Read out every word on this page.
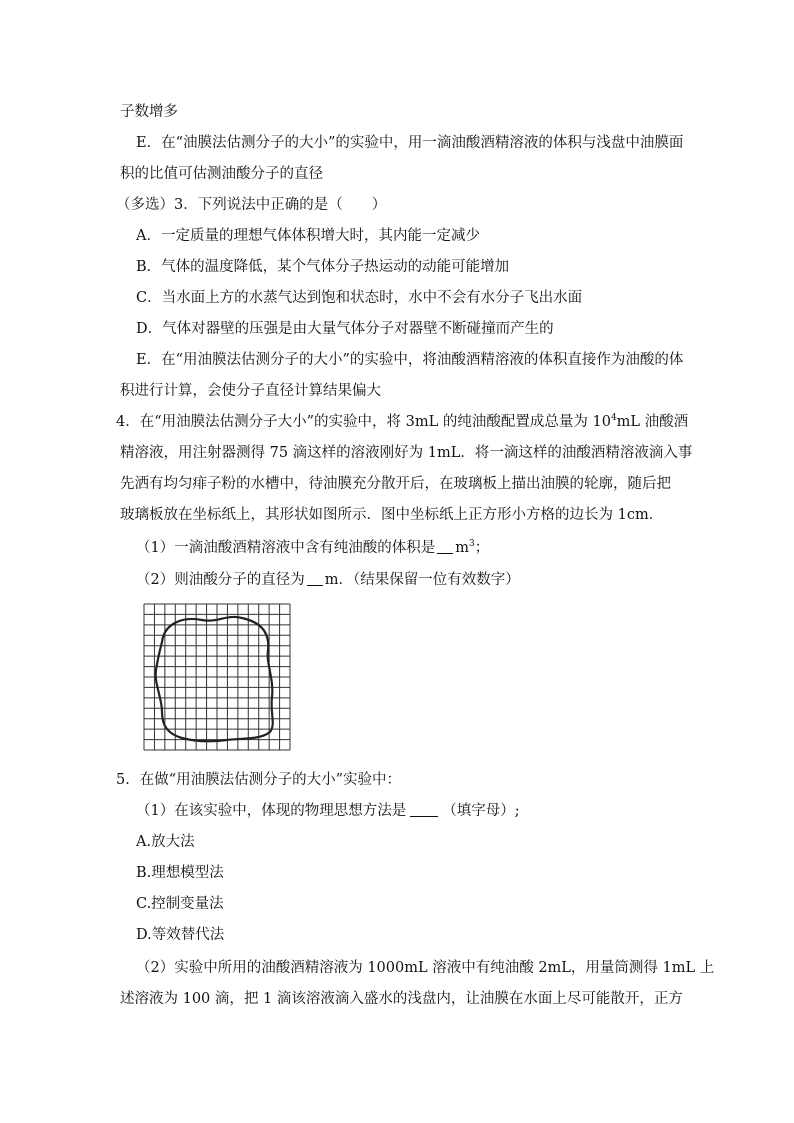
子数增多
E．在“油膜法估测分子的大小”的实验中，用一滴油酸酒精溶液的体积与浅盘中油膜面
积的比值可估测油酸分子的直径
（多选）3．下列说法中正确的是（　　）
A．一定质量的理想气体体积增大时，其内能一定减少
B．气体的温度降低，某个气体分子热运动的动能可能增加
C．当水面上方的水蒸气达到饱和状态时，水中不会有水分子飞出水面
D．气体对器壁的压强是由大量气体分子对器壁不断碰撞而产生的
E．在“用油膜法估测分子的大小”的实验中，将油酸酒精溶液的体积直接作为油酸的体
积进行计算，会使分子直径计算结果偏大
4．在“用油膜法估测分子大小”的实验中，将 3mL 的纯油酸配置成总量为 $10^4mL$ 油酸酒
精溶液，用注射器测得 75 滴这样的溶液刚好为 1mL．将一滴这样的油酸酒精溶液滴入事
先洒有均匀痱子粉的水槽中，待油膜充分散开后，在玻璃板上描出油膜的轮廓，随后把
玻璃板放在坐标纸上，其形状如图所示．图中坐标纸上正方形小方格的边长为 1cm．
（1）一滴油酸酒精溶液中含有纯油酸的体积是 $m^3$；
（2）则油酸分子的直径为 m．（结果保留一位有效数字）
5．在做“用油膜法估测分子的大小”实验中：
（1）在该实验中，体现的物理思想方法是 （填字母）;
A.放大法
B.理想模型法
C.控制变量法
D.等效替代法
（2）实验中所用的油酸酒精溶液为 1000mL 溶液中有纯油酸 2mL，用量筒测得 1mL 上
述溶液为 100 滴，把 1 滴该溶液滴入盛水的浅盘内，让油膜在水面上尽可能散开，正方
